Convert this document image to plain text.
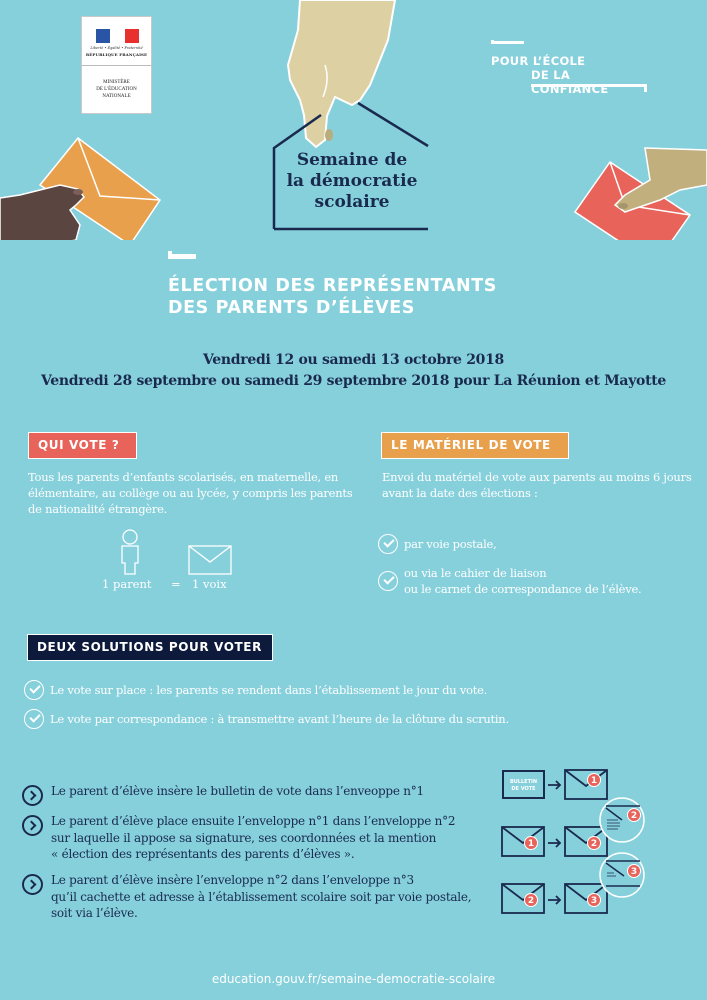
Liberté • Égalité • Fraternité
RÉPUBLIQUE FRANÇAISE
MINISTÈRE
DE L'ÉDUCATION
NATIONALE
POUR L’ÉCOLE
DE LA CONFIANCE
Semaine de
la démocratie
scolaire
ÉLECTION DES REPRÉSENTANTS
DES PARENTS D’ÉLÈVES
Vendredi 12 ou samedi 13 octobre 2018
Vendredi 28 septembre ou samedi 29 septembre 2018 pour La Réunion et Mayotte
QUI VOTE ?
Tous les parents d’enfants scolarisés, en maternelle, en élémentaire, au collège ou au lycée, y compris les parents de nationalité étrangère.
1 parent = 1 voix
LE MATÉRIEL DE VOTE
Envoi du matériel de vote aux parents au moins 6 jours avant la date des élections :
par voie postale,
ou via le cahier de liaison
ou le carnet de correspondance de l’élève.
DEUX SOLUTIONS POUR VOTER
Le vote sur place : les parents se rendent dans l’établissement le jour du vote.
Le vote par correspondance : à transmettre avant l’heure de la clôture du scrutin.
Le parent d’élève insère le bulletin de vote dans l’enveoppe n°1
Le parent d’élève place ensuite l’enveloppe n°1 dans l’enveloppe n°2
sur laquelle il appose sa signature, ses coordonnées et la mention
« élection des représentants des parents d’élèves ».
Le parent d’élève insère l’enveloppe n°2 dans l’enveloppe n°3
qu’il cachette et adresse à l’établissement scolaire soit par voie postale,
soit via l’élève.
BULLETIN
DE VOTE
1
1	2
2
2	3
3
education.gouv.fr/semaine-democratie-scolaire
